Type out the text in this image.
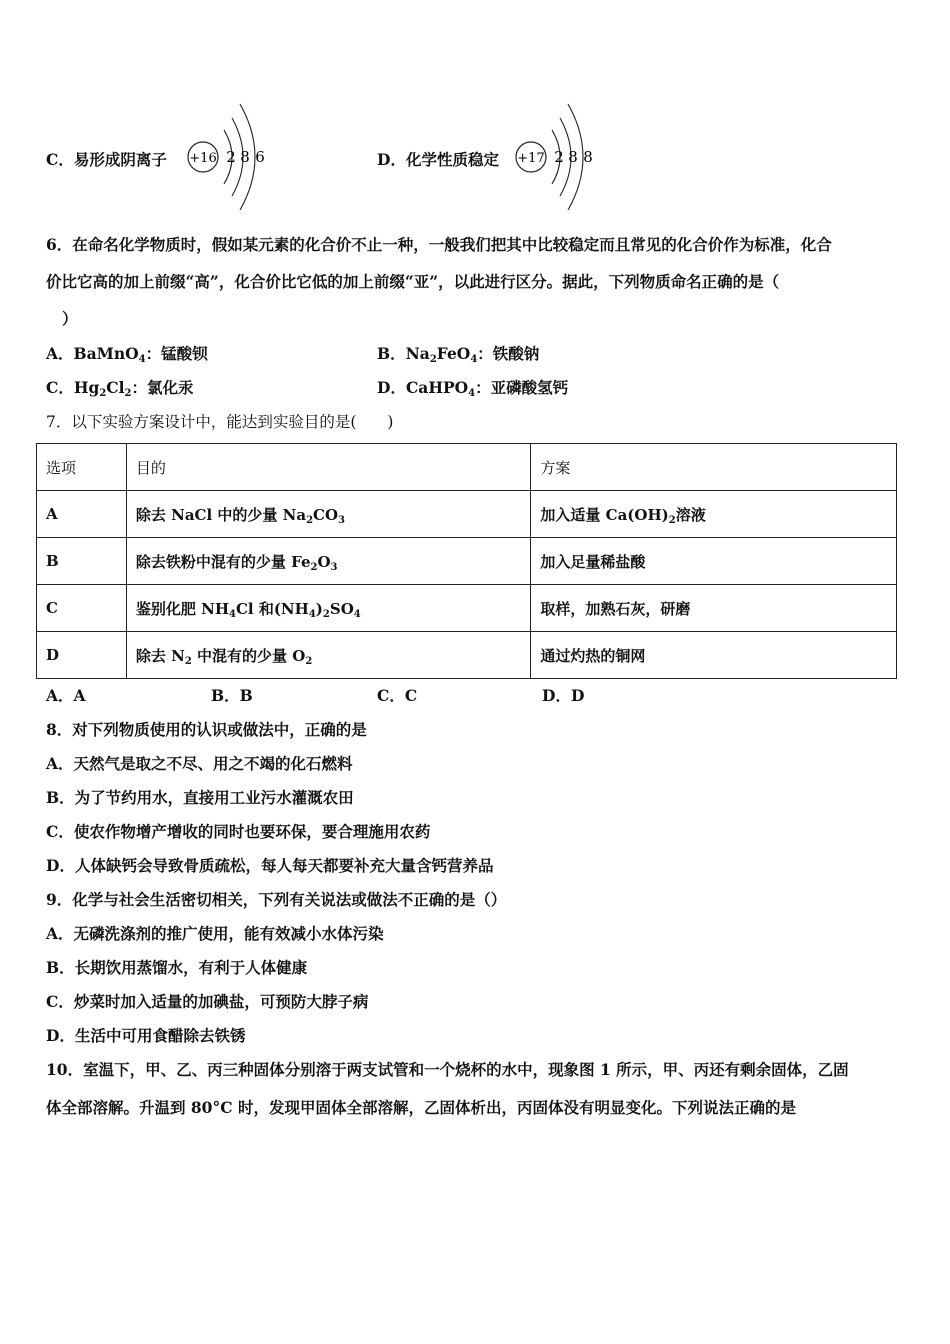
C．易形成阴离子 +16 2 8 6	D．化学性质稳定 +17 2 8 8
6．在命名化学物质时，假如某元素的化合价不止一种，一般我们把其中比较稳定而且常见的化合价作为标准，化合
价比它高的加上前缀“高”，化合价比它低的加上前缀“亚”，以此进行区分。据此，下列物质命名正确的是（
）
A．BaMnO$_4$：锰酸钡	B．$Na_2FeO_4$：铁酸钠
C．$Hg_2Cl_2$：氯化汞	D．CaHPO$_4$：亚磷酸氢钙
7．以下实验方案设计中，能达到实验目的是(　　)
选项	目的	方案
A	除去 NaCl 中的少量 $Na_2CO_3$	加入适量 $Ca(OH)_2$溶液
B	除去铁粉中混有的少量 $Fe_2O_3$	加入足量稀盐酸
C	鉴别化肥 $NH_4Cl$ 和$(NH_4)_2SO_4$	取样，加熟石灰，研磨
D	除去 $N_2$ 中混有的少量 $O_2$	通过灼热的铜网
A．A	B．B	C．C	D．D
8．对下列物质使用的认识或做法中，正确的是
A．天然气是取之不尽、用之不竭的化石燃料
B．为了节约用水，直接用工业污水灌溉农田
C．使农作物增产增收的同时也要环保，要合理施用农药
D．人体缺钙会导致骨质疏松，每人每天都要补充大量含钙营养品
9．化学与社会生活密切相关，下列有关说法或做法不正确的是（）
A．无磷洗涤剂的推广使用，能有效减小水体污染
B．长期饮用蒸馏水，有利于人体健康
C．炒菜时加入适量的加碘盐，可预防大脖子病
D．生活中可用食醋除去铁锈
10．室温下，甲、乙、丙三种固体分别溶于两支试管和一个烧杯的水中，现象图 1 所示，甲、丙还有剩余固体，乙固
体全部溶解。升温到 80°C 时，发现甲固体全部溶解，乙固体析出，丙固体没有明显变化。下列说法正确的是
